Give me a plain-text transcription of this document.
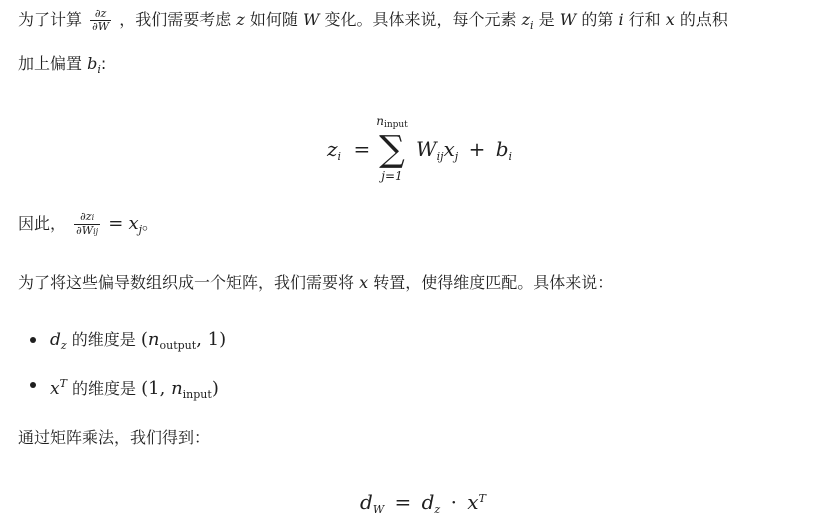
为了计算 $\frac{\partial z}{\partial W}$ ，我们需要考虑 z 如何随 W 变化。具体来说，每个元素 $z_i$ 是 W 的第 i 行和 x 的点积
加上偏置 $b_i$:
$z_i$ =
ninput
∑
j=1
$W_{ij}x_j + b_i$
因此， $\frac{\partial zi}{\text{∂Wij}} = x_j$。
为了将这些偏导数组织成一个矩阵，我们需要将 x 转置，使得维度匹配。具体来说：
$d_z$ 的维度是 ($n_{output}$, 1)
$x^T$ 的维度是 (1, $n_{input}$)
通过矩阵乘法，我们得到：
$d_W = d_z \cdot x^T$
